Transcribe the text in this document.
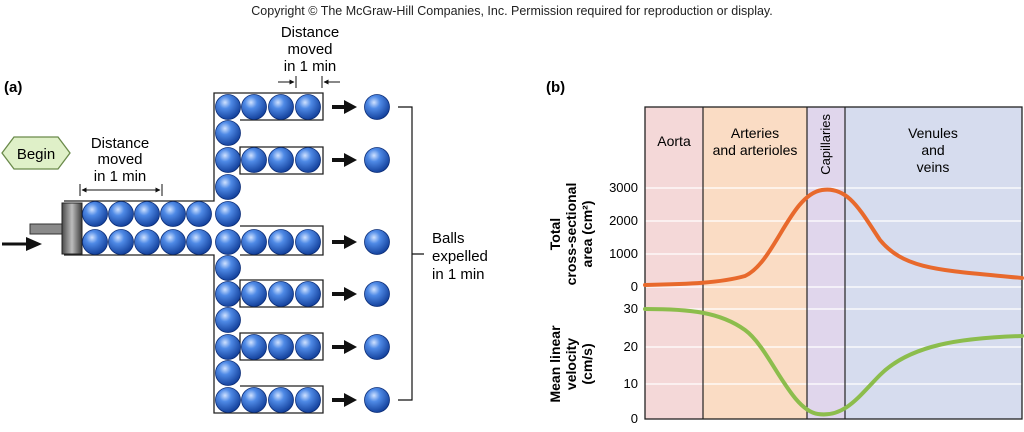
Copyright © The McGraw-Hill Companies, Inc. Permission required for reproduction or display.
(a)
Begin
Distance
moved
in 1 min
Distance
moved
in 1 min
Balls
expelled
in 1 min
(b)
Aorta	Arteries
and arterioles Capillaries	Venules
and
veins
3000
2000
1000
0
30
20
10
0
Total cross-sectional area (cm²)
Mean linear velocity (cm/s)
